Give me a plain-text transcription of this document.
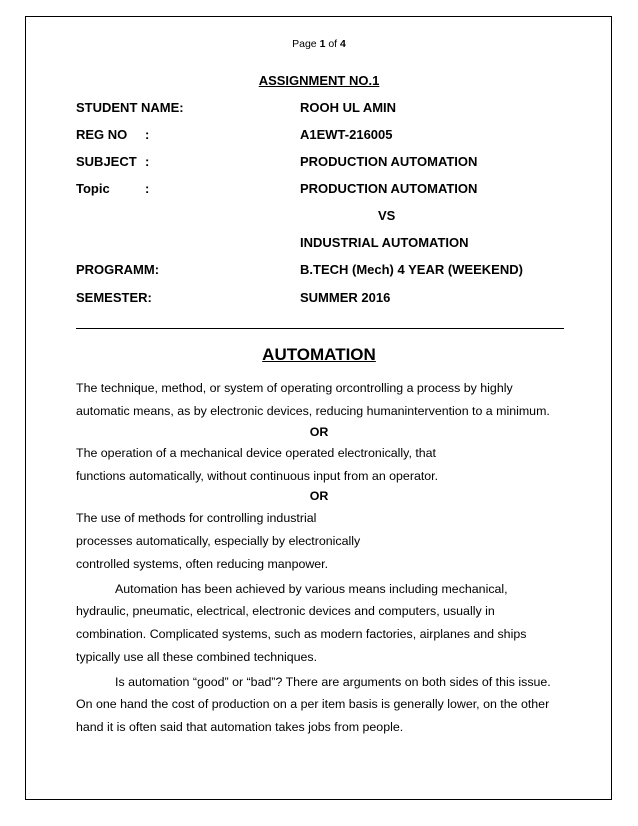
Page 1 of 4
ASSIGNMENT NO.1
STUDENT NAME:	ROOH UL AMIN
REG NO :	A1EWT-216005
SUBJECT :	PRODUCTION AUTOMATION
Topic	:	PRODUCTION AUTOMATION
VS
INDUSTRIAL AUTOMATION
PROGRAMM:	B.TECH (Mech) 4 YEAR (WEEKEND)
SEMESTER:	SUMMER 2016
AUTOMATION
The technique, method, or system of operating orcontrolling a process by highly
automatic means, as by electronic devices, reducing humanintervention to a minimum.
OR
The operation of a mechanical device operated electronically, that
functions automatically, without continuous input from an operator.
OR
The use of methods for controlling industrial
processes automatically, especially by electronically
controlled systems, often reducing manpower.
Automation has been achieved by various means including mechanical,
hydraulic, pneumatic, electrical, electronic devices and computers, usually in
combination. Complicated systems, such as modern factories, airplanes and ships
typically use all these combined techniques.
Is automation “good” or “bad”? There are arguments on both sides of this issue.
On one hand the cost of production on a per item basis is generally lower, on the other
hand it is often said that automation takes jobs from people.
